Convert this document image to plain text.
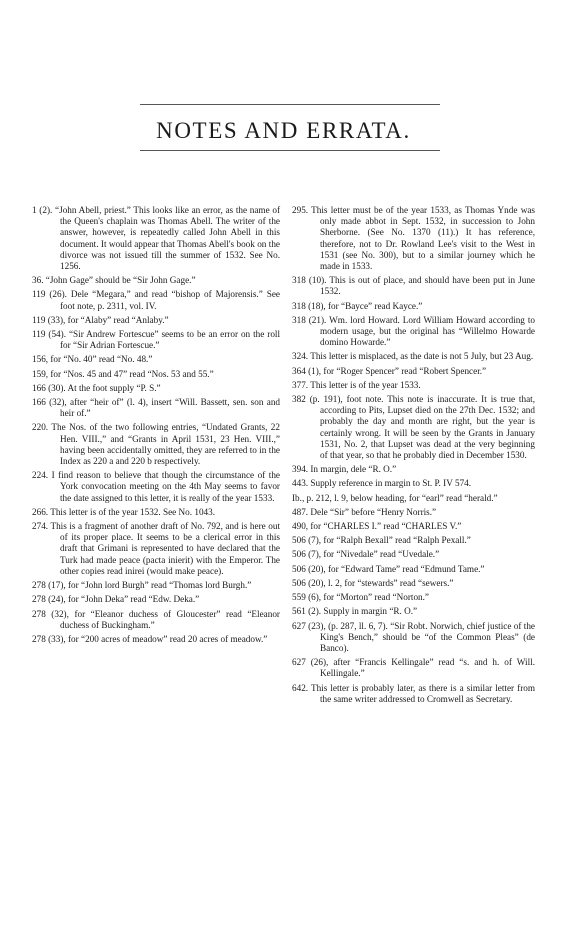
NOTES AND ERRATA.
1 (2). “John Abell, priest.” This looks like an error, as the name of the Queen's chaplain was Thomas Abell. The writer of the answer, however, is repeatedly called John Abell in this document. It would appear that Thomas Abell's book on the divorce was not issued till the summer of 1532. See No. 1256.
36. “John Gage” should be “Sir John Gage.”
119 (26). Dele “Megara,” and read “bishop of Majorensis.” See foot note, p. 2311, vol. IV.
119 (33), for “Alaby” read “Anlaby.”
119 (54). “Sir Andrew Fortescue” seems to be an error on the roll for “Sir Adrian Fortescue.”
156, for “No. 40” read “No. 48.”
159, for “Nos. 45 and 47” read “Nos. 53 and 55.”
166 (30). At the foot supply “P. S.”
166 (32), after “heir of” (l. 4), insert “Will. Bassett, sen. son and heir of.”
220. The Nos. of the two following entries, “Undated Grants, 22 Hen. VIII.,” and “Grants in April 1531, 23 Hen. VIII.,” having been accidentally omitted, they are referred to in the Index as 220 a and 220 b respectively.
224. I find reason to believe that though the circumstance of the York convocation meeting on the 4th May seems to favor the date assigned to this letter, it is really of the year 1533.
266. This letter is of the year 1532. See No. 1043.
274. This is a fragment of another draft of No. 792, and is here out of its proper place. It seems to be a clerical error in this draft that Grimani is represented to have declared that the Turk had made peace (pacta inierit) with the Emperor. The other copies read inirei (would make peace).
278 (17), for “John lord Burgh” read “Thomas lord Burgh.”
278 (24), for “John Deka” read “Edw. Deka.”
278 (32), for “Eleanor duchess of Gloucester” read “Eleanor duchess of Buckingham.”
278 (33), for “200 acres of meadow” read 20 acres of meadow.”
295. This letter must be of the year 1533, as Thomas Ynde was only made abbot in Sept. 1532, in succession to John Sherborne. (See No. 1370 (11).) It has reference, therefore, not to Dr. Rowland Lee's visit to the West in 1531 (see No. 300), but to a similar journey which he made in 1533.
318 (10). This is out of place, and should have been put in June 1532.
318 (18), for “Bayce” read Kayce.”
318 (21). Wm. lord Howard. Lord William Howard according to modern usage, but the original has “Willelmo Howarde domino Howarde.”
324. This letter is misplaced, as the date is not 5 July, but 23 Aug.
364 (1), for “Roger Spencer” read “Robert Spencer.”
377. This letter is of the year 1533.
382 (p. 191), foot note. This note is inaccurate. It is true that, according to Pits, Lupset died on the 27th Dec. 1532; and probably the day and month are right, but the year is certainly wrong. It will be seen by the Grants in January 1531, No. 2, that Lupset was dead at the very beginning of that year, so that he probably died in December 1530.
394. In margin, dele “R. O.”
443. Supply reference in margin to St. P. IV 574.
Ib., p. 212, l. 9, below heading, for “earl” read “herald.”
487. Dele “Sir” before “Henry Norris.”
490, for “CHARLES I.” read “CHARLES V.”
506 (7), for “Ralph Bexall” read “Ralph Pexall.”
506 (7), for “Nivedale” read “Uvedale.”
506 (20), for “Edward Tame” read “Edmund Tame.”
506 (20), l. 2, for “stewards” read “sewers.”
559 (6), for “Morton” read “Norton.”
561 (2). Supply in margin “R. O.”
627 (23), (p. 287, ll. 6, 7). “Sir Robt. Norwich, chief justice of the King's Bench,” should be “of the Common Pleas” (de Banco).
627 (26), after “Francis Kellingale” read “s. and h. of Will. Kellingale.”
642. This letter is probably later, as there is a similar letter from the same writer addressed to Cromwell as Secretary.
